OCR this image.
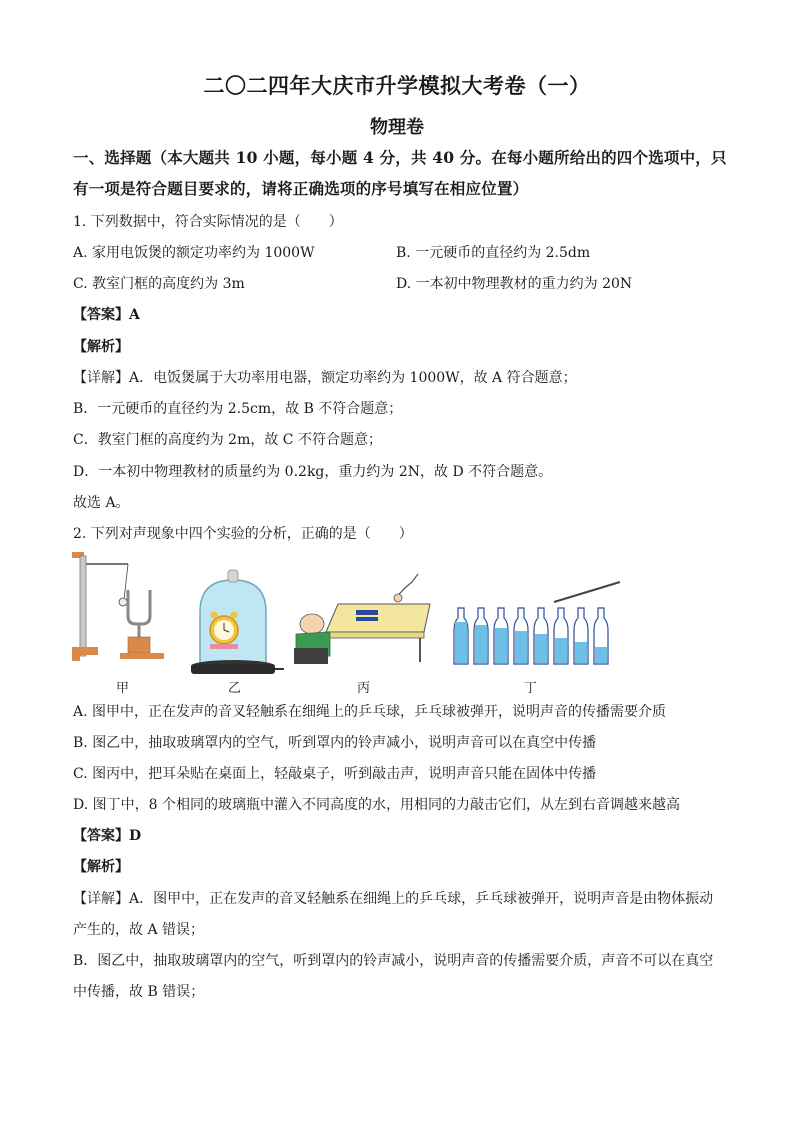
二〇二四年大庆市升学模拟大考卷（一）
物理卷
一、选择题（本大题共 10 小题，每小题 4 分，共 40 分。在每小题所给出的四个选项中，只
有一项是符合题目要求的，请将正确选项的序号填写在相应位置）
1. 下列数据中，符合实际情况的是（　　）
A. 家用电饭煲的额定功率约为 1000W	B. 一元硬币的直径约为 2.5dm
C. 教室门框的高度约为 3m	D. 一本初中物理教材的重力约为 20N
【答案】A
【解析】
【详解】A．电饭煲属于大功率用电器，额定功率约为 1000W，故 A 符合题意；
B．一元硬币的直径约为 2.5cm，故 B 不符合题意；
C．教室门框的高度约为 2m，故 C 不符合题意；
D．一本初中物理教材的质量约为 0.2kg，重力约为 2N，故 D 不符合题意。
故选 A。
2. 下列对声现象中四个实验的分析，正确的是（　　）
甲	乙	丙	丁
A. 图甲中，正在发声的音叉轻触系在细绳上的乒乓球，乒乓球被弹开，说明声音的传播需要介质
B. 图乙中，抽取玻璃罩内的空气，听到罩内的铃声减小，说明声音可以在真空中传播
C. 图丙中，把耳朵贴在桌面上，轻敲桌子，听到敲击声，说明声音只能在固体中传播
D. 图丁中，8 个相同的玻璃瓶中灌入不同高度的水，用相同的力敲击它们，从左到右音调越来越高
【答案】D
【解析】
【详解】A．图甲中，正在发声的音叉轻触系在细绳上的乒乓球，乒乓球被弹开，说明声音是由物体振动
产生的，故 A 错误；
B．图乙中，抽取玻璃罩内的空气，听到罩内的铃声减小，说明声音的传播需要介质，声音不可以在真空
中传播，故 B 错误；
